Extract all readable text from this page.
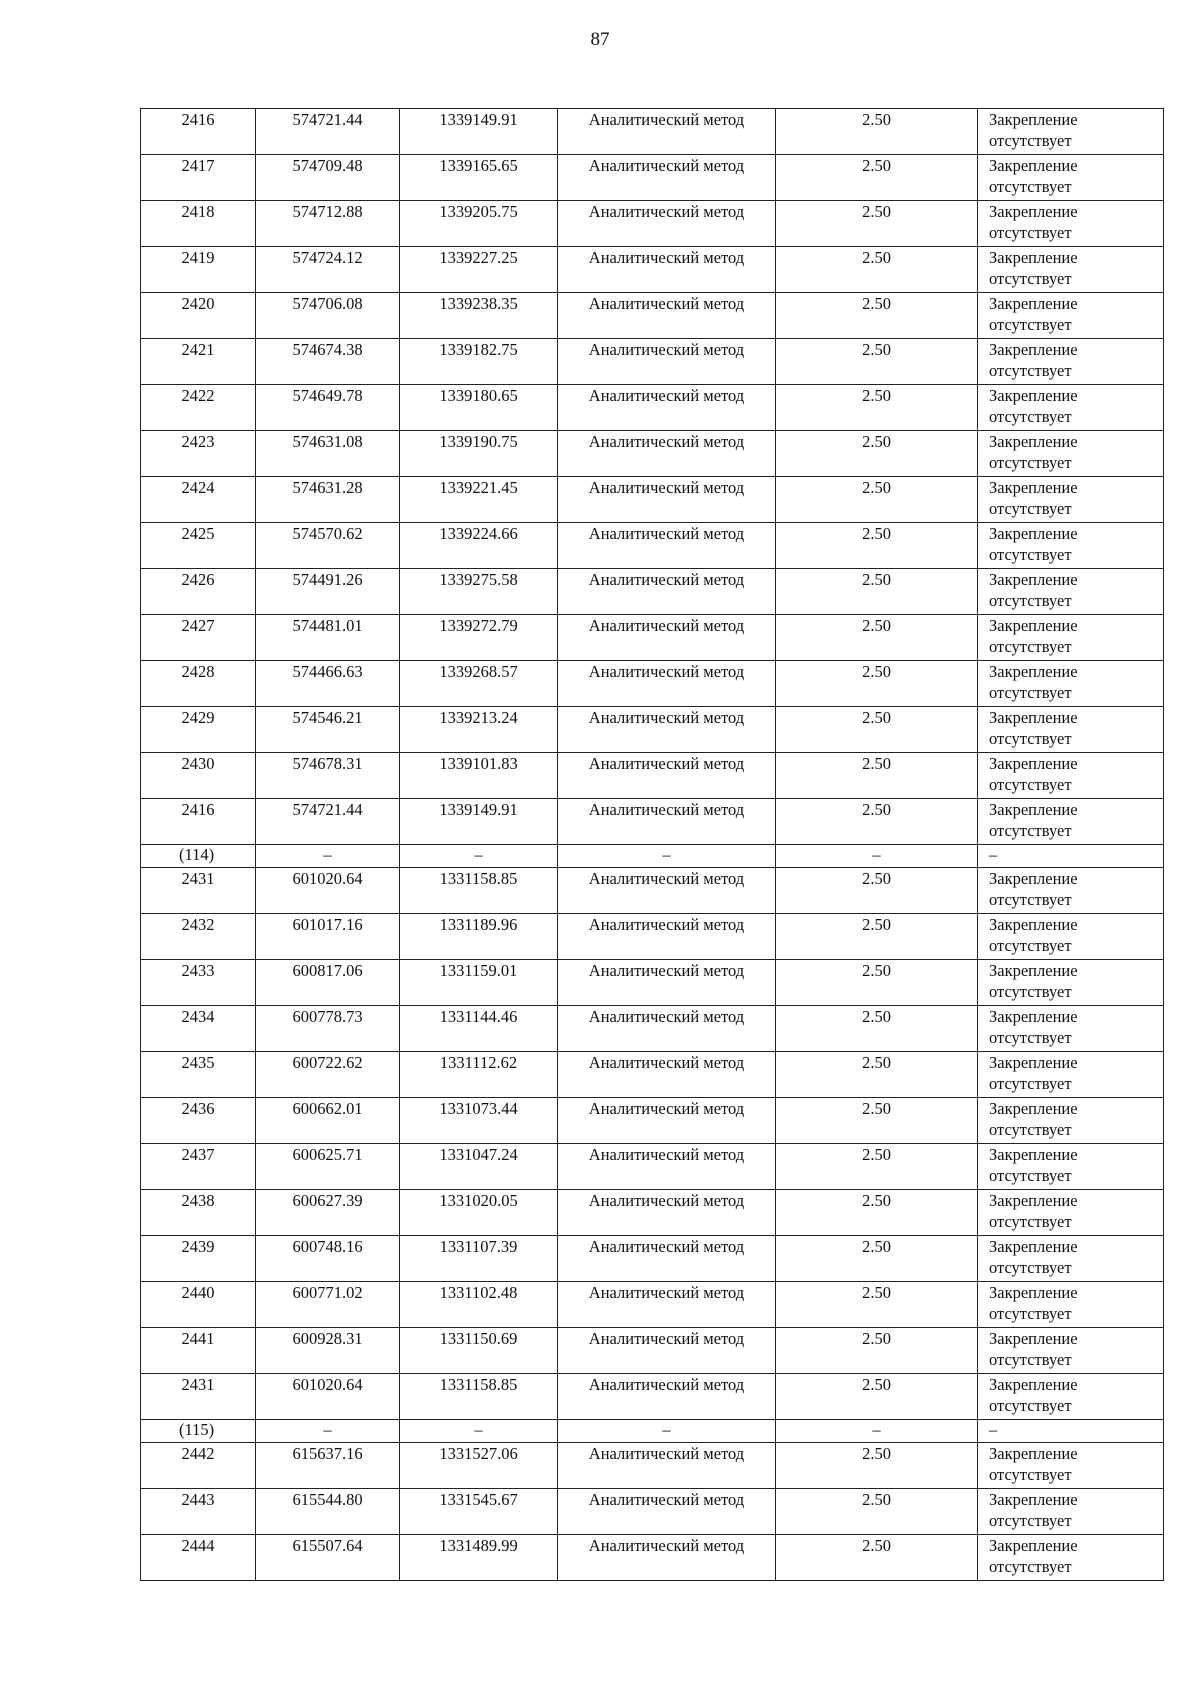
87
2416	574721.44	1339149.91	Аналитический метод	2.50	Закрепление
отсутствует

2417	574709.48	1339165.65	Аналитический метод	2.50	Закрепление
отсутствует

2418	574712.88	1339205.75	Аналитический метод	2.50	Закрепление
отсутствует

2419	574724.12	1339227.25	Аналитический метод	2.50	Закрепление
отсутствует

2420	574706.08	1339238.35	Аналитический метод	2.50	Закрепление
отсутствует

2421	574674.38	1339182.75	Аналитический метод	2.50	Закрепление
отсутствует

2422	574649.78	1339180.65	Аналитический метод	2.50	Закрепление
отсутствует

2423	574631.08	1339190.75	Аналитический метод	2.50	Закрепление
отсутствует

2424	574631.28	1339221.45	Аналитический метод	2.50	Закрепление
отсутствует

2425	574570.62	1339224.66	Аналитический метод	2.50	Закрепление
отсутствует

2426	574491.26	1339275.58	Аналитический метод	2.50	Закрепление
отсутствует

2427	574481.01	1339272.79	Аналитический метод	2.50	Закрепление
отсутствует

2428	574466.63	1339268.57	Аналитический метод	2.50	Закрепление
отсутствует

2429	574546.21	1339213.24	Аналитический метод	2.50	Закрепление
отсутствует

2430	574678.31	1339101.83	Аналитический метод	2.50	Закрепление
отсутствует

2416	574721.44	1339149.91	Аналитический метод	2.50	Закрепление
отсутствует

(114)	–	–	–	–	–

2431	601020.64	1331158.85	Аналитический метод	2.50	Закрепление
отсутствует

2432	601017.16	1331189.96	Аналитический метод	2.50	Закрепление
отсутствует

2433	600817.06	1331159.01	Аналитический метод	2.50	Закрепление
отсутствует

2434	600778.73	1331144.46	Аналитический метод	2.50	Закрепление
отсутствует

2435	600722.62	1331112.62	Аналитический метод	2.50	Закрепление
отсутствует

2436	600662.01	1331073.44	Аналитический метод	2.50	Закрепление
отсутствует

2437	600625.71	1331047.24	Аналитический метод	2.50	Закрепление
отсутствует

2438	600627.39	1331020.05	Аналитический метод	2.50	Закрепление
отсутствует

2439	600748.16	1331107.39	Аналитический метод	2.50	Закрепление
отсутствует

2440	600771.02	1331102.48	Аналитический метод	2.50	Закрепление
отсутствует

2441	600928.31	1331150.69	Аналитический метод	2.50	Закрепление
отсутствует

2431	601020.64	1331158.85	Аналитический метод	2.50	Закрепление
отсутствует

(115)	–	–	–	–	–

2442	615637.16	1331527.06	Аналитический метод	2.50	Закрепление
отсутствует

2443	615544.80	1331545.67	Аналитический метод	2.50	Закрепление
отсутствует

2444	615507.64	1331489.99	Аналитический метод	2.50	Закрепление
отсутствует
